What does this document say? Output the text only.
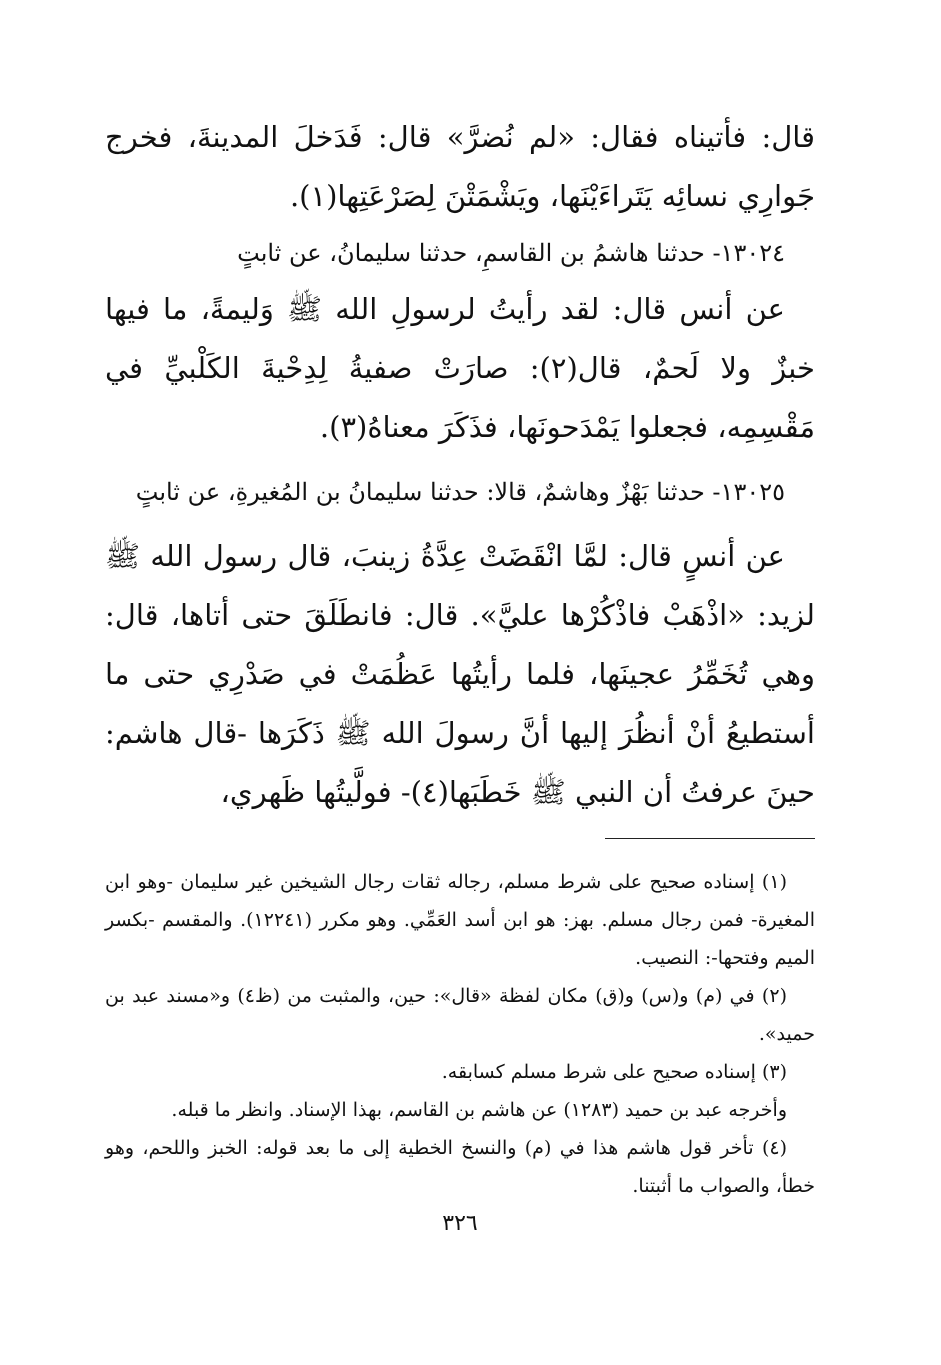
قال: فأتيناه فقال: «لم نُضرَّ» قال: فَدَخلَ المدينةَ، فخرج جَوارِي نسائِه يَتَراءَيْنَها، ويَشْمَتْنَ لِصَرْعَتِها(١).

١٣٠٢٤- حدثنا هاشمُ بن القاسمِ، حدثنا سليمانُ، عن ثابتٍ

عن أنس قال: لقد رأيتُ لرسولِ الله ﷺ وَليمةً، ما فيها خبزٌ ولا لَحمٌ، قال(٢): صارَتْ صفيةُ لِدِحْيةَ الكَلْبيِّ في مَقْسِمِه، فجعلوا يَمْدَحونَها، فذَكَرَ معناهُ(٣).

١٣٠٢٥- حدثنا بَهْزٌ وهاشمٌ، قالا: حدثنا سليمانُ بن المُغيرةِ، عن ثابتٍ

عن أنسٍ قال: لمَّا انْقَضَتْ عِدَّةُ زينبَ، قال رسول الله ﷺ لزيد: «اذْهَبْ فاذْكُرْها عليَّ». قال: فانطَلَقَ حتى أتاها، قال: وهي تُخَمِّرُ عجينَها، فلما رأيتُها عَظُمَتْ في صَدْرِي حتى ما أستطيعُ أنْ أنظُرَ إليها أنَّ رسولَ الله ﷺ ذَكَرَها -قال هاشم: حينَ عرفتُ أن النبي ﷺ خَطَبَها(٤)- فولَّيتُها ظَهري،

(١) إسناده صحيح على شرط مسلم، رجاله ثقات رجال الشيخين غير سليمان -وهو ابن المغيرة- فمن رجال مسلم. بهز: هو ابن أسد العَمِّي. وهو مكرر (١٢٢٤١). والمقسم -بكسر الميم وفتحها-: النصيب.

(٢) في (م) و(س) و(ق) مكان لفظة «قال»: حين، والمثبت من (ظ٤) و«مسند عبد بن حميد».

(٣) إسناده صحيح على شرط مسلم كسابقه.

وأخرجه عبد بن حميد (١٢٨٣) عن هاشم بن القاسم، بهذا الإسناد. وانظر ما قبله.

(٤) تأخر قول هاشم هذا في (م) والنسخ الخطية إلى ما بعد قوله: الخبز واللحم، وهو خطأ، والصواب ما أثبتنا.

٣٢٦
